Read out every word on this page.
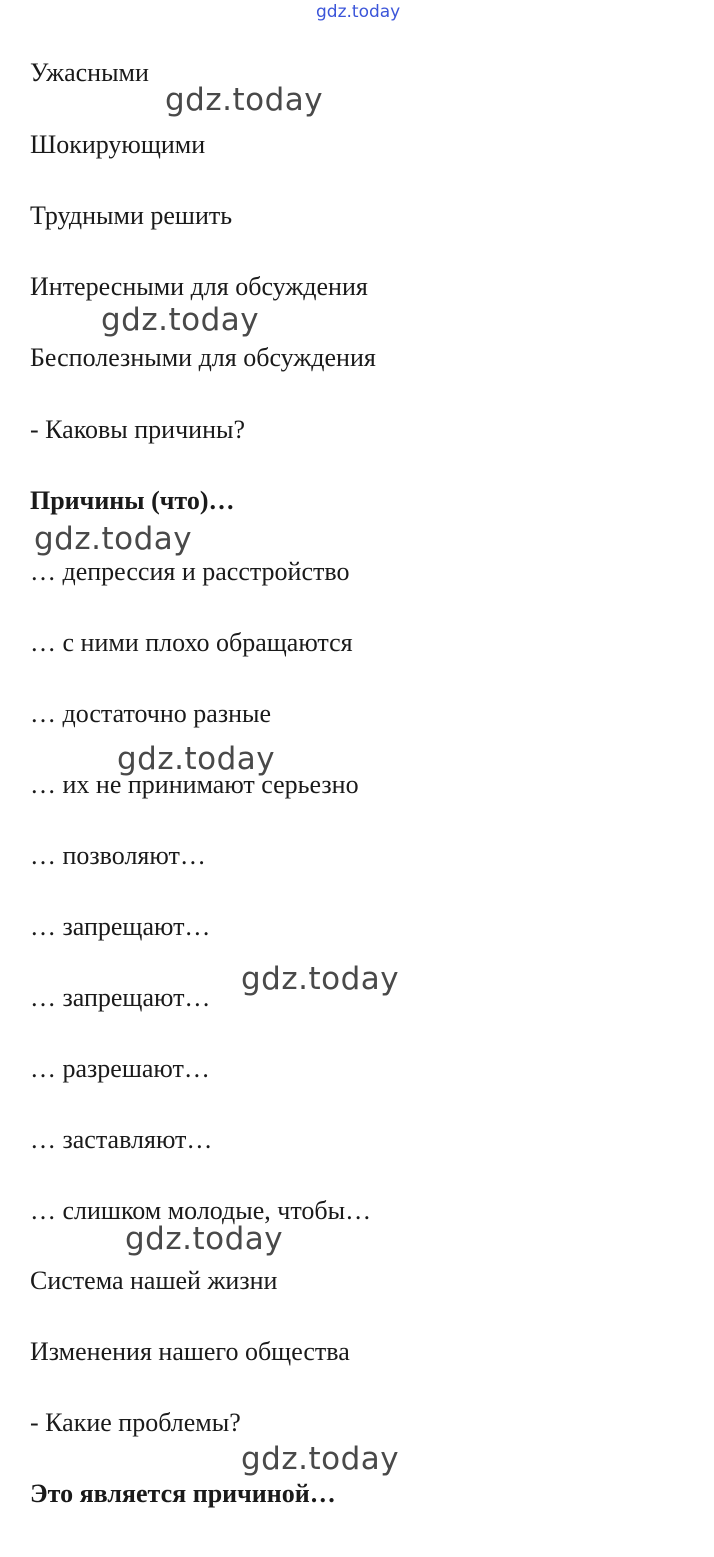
gdz.today
Ужасными
Шокирующими
Трудными решить
Интересными для обсуждения
Бесполезными для обсуждения
- Каковы причины?
Причины (что)…
… депрессия и расстройство
… с ними плохо обращаются
… достаточно разные
… их не принимают серьезно
… позволяют…
… запрещают…
… запрещают…
… разрешают…
… заставляют…
… слишком молодые, чтобы…
Система нашей жизни
Изменения нашего общества
- Какие проблемы?
Это является причиной…
gdz.today
gdz.today
gdz.today
gdz.today
gdz.today
gdz.today
gdz.today
